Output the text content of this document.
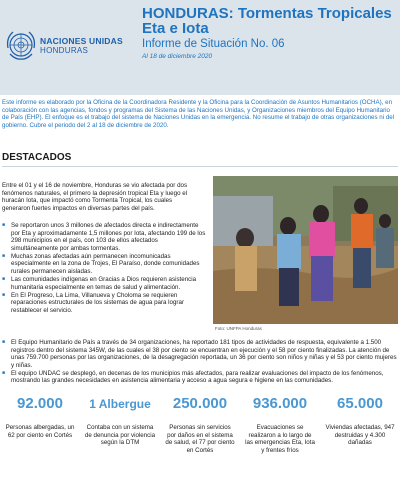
NACIONES UNIDAS
HONDURAS
HONDURAS: Tormentas Tropicales
Eta e Iota
Informe de Situación No. 06
Al 18 de diciembre 2020

Este informe es elaborado por la Oficina de la Coordinadora Residente y la Oficina para la Coordinación de Asuntos Humanitarios (OCHA), en colaboración con las agencias, fondos y programas del Sistema de las Naciones Unidas, y Organizaciones miembros del Equipo Humanitario de País (EHP). El enfoque es el trabajo del sistema de Naciones Unidas en la emergencia. No resume el trabajo de otras organizaciones ni del gobierno. Cubre el periodo del 2 al 18 de diciembre de 2020.

DESTACADOS

Entre el 01 y el 16 de noviembre, Honduras se vio afectada por dos fenómenos naturales, el primero la depresión tropical Eta y luego el huracán Iota, que impactó como Tormenta Tropical, los cuales generaron fuertes impactos en diversas partes del país.

■ Se reportaron unos 3 millones de afectados directa e indirectamente por Eta y aproximadamente 1,5 millones por Iota, afectando 199 de los 298 municipios en el país, con 103 de ellos afectados simultáneamente por ambas tormentas.
■ Muchas zonas afectadas aún permanecen incomunicadas especialmente en la zona de Trojes, El Paraíso, donde comunidades rurales permanecen aisladas.
■ Las comunidades indígenas en Gracias a Dios requieren asistencia humanitaria especialmente en temas de salud y alimentación.
■ En El Progreso, La Lima, Villanueva y Choloma se requieren reparaciones estructurales de los sistemas de agua para lograr restablecer el servicio.
Foto: UNFPA Honduras
■ El Equipo Humanitario de País a través de 34 organizaciones, ha reportado 181 tipos de actividades de respuesta, equivalente a 1.500 registros dentro del sistema 345W, de las cuales el 38 por ciento se encuentran en ejecución y el 58 por ciento finalizadas. La atención de unas 759.700 personas por las organizaciones, de la desagregación reportada, un 36 por ciento son niños y niñas y el 53 por ciento mujeres y niñas.
■ El equipo UNDAC se desplegó, en decenas de los municipios más afectados, para realizar evaluaciones del impacto de los fenómenos, mostrando las grandes necesidades en asistencia alimentaria y acceso a agua segura e higiene en las comunidades.
92.000
Personas albergadas, un 62 por ciento en Cortés
1 Albergue
Contaba con un sistema de denuncia por violencia según la DTM
250.000
Personas sin servicios por daños en el sistema de salud, el 77 por ciento en Cortés
936.000
Evacuaciones se realizaron a lo largo de las emergencias Eta, Iota y frentes fríos
65.000
Viviendas afectadas, 947 destruidas y 4.300 dañadas
